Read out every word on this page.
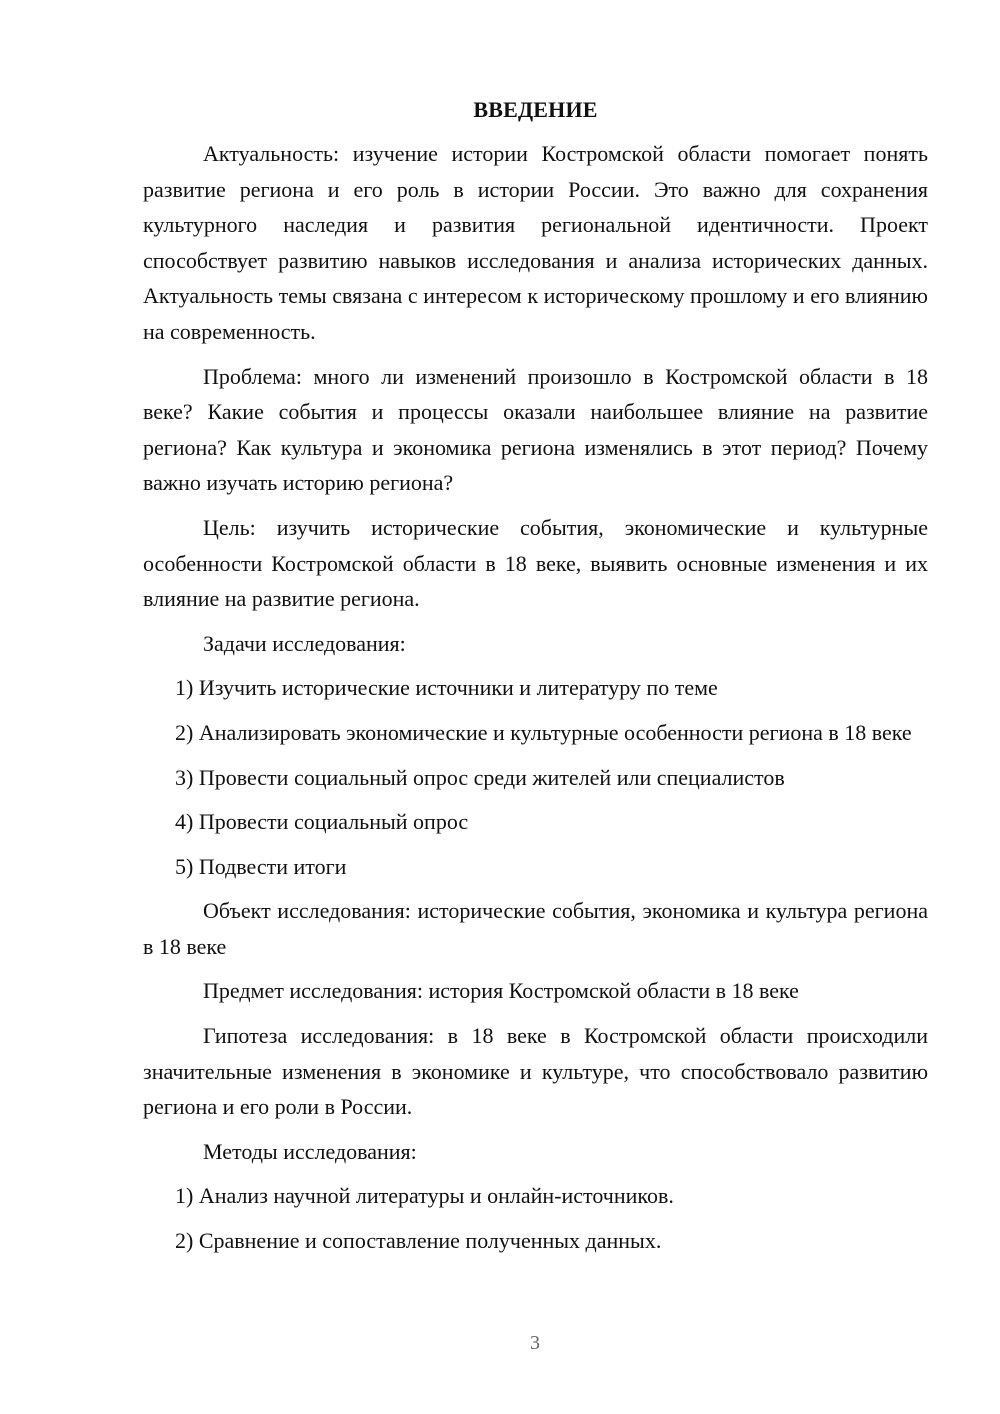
ВВЕДЕНИЕ

Актуальность: изучение истории Костромской области помогает понять развитие региона и его роль в истории России. Это важно для сохранения культурного наследия и развития региональной идентичности. Проект способствует развитию навыков исследования и анализа исторических данных. Актуальность темы связана с интересом к историческому прошлому и его влиянию на современность.

Проблема: много ли изменений произошло в Костромской области в 18 веке? Какие события и процессы оказали наибольшее влияние на развитие региона? Как культура и экономика региона изменялись в этот период? Почему важно изучать историю региона?

Цель: изучить исторические события, экономические и культурные особенности Костромской области в 18 веке, выявить основные изменения и их влияние на развитие региона.

Задачи исследования:

1) Изучить исторические источники и литературу по теме

2) Анализировать экономические и культурные особенности региона в 18 веке

3) Провести социальный опрос среди жителей или специалистов

4) Провести социальный опрос

5) Подвести итоги

Объект исследования: исторические события, экономика и культура региона в 18 веке

Предмет исследования: история Костромской области в 18 веке

Гипотеза исследования: в 18 веке в Костромской области происходили значительные изменения в экономике и культуре, что способствовало развитию региона и его роли в России.

Методы исследования:

1) Анализ научной литературы и онлайн-источников.

2) Сравнение и сопоставление полученных данных.

3
